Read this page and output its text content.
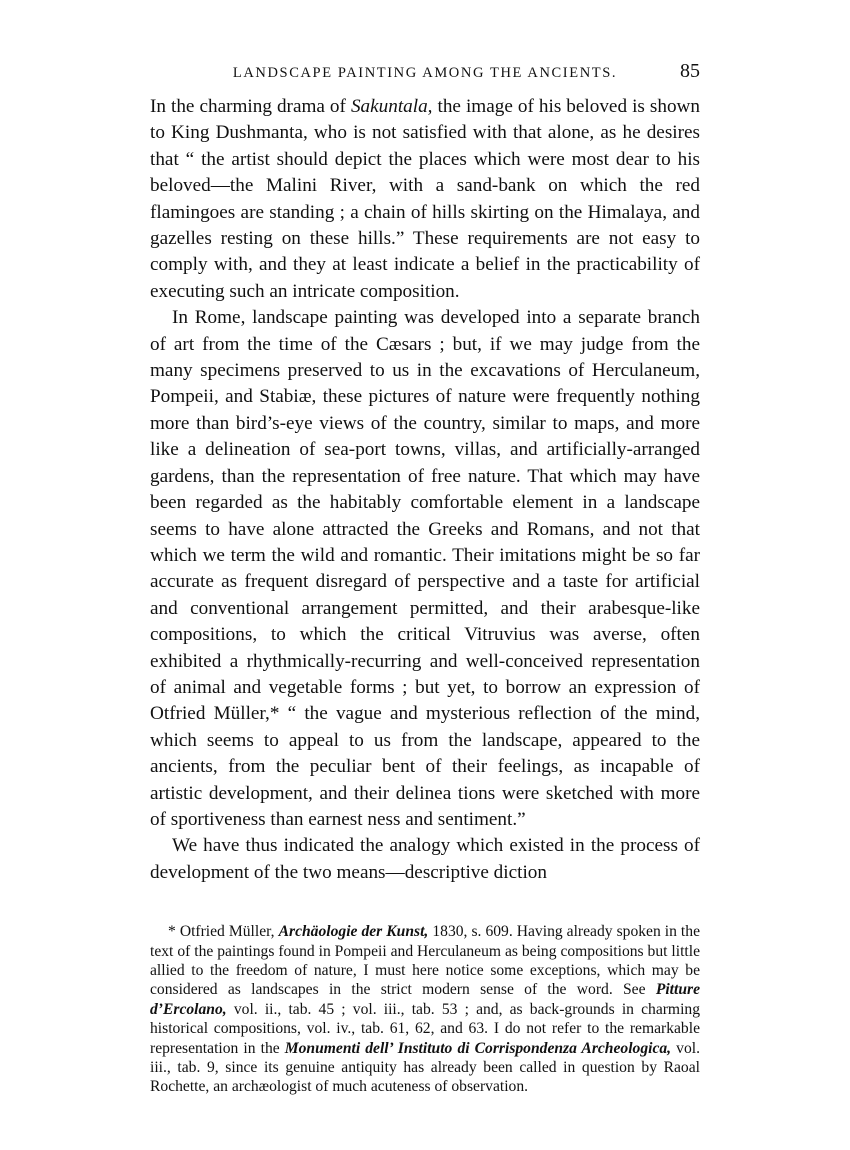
LANDSCAPE PAINTING AMONG THE ANCIENTS.	85

In the charming drama of Sakuntala, the image of his beloved is shown to King Dushmanta, who is not satisfied with that alone, as he desires that “ the artist should depict the places which were most dear to his beloved—the Malini River, with a sand-bank on which the red flamingoes are standing ; a chain of hills skirting on the Himalaya, and gazelles resting on these hills.” These requirements are not easy to comply with, and they at least indicate a belief in the practicability of executing such an intricate composition.

In Rome, landscape painting was developed into a separate branch of art from the time of the Cæsars ; but, if we may judge from the many specimens preserved to us in the excavations of Herculaneum, Pompeii, and Stabiæ, these pictures of nature were frequently nothing more than bird’s-eye views of the country, similar to maps, and more like a delineation of sea-port towns, villas, and artificially-arranged gardens, than the representation of free nature. That which may have been regarded as the habitably comfortable element in a landscape seems to have alone attracted the Greeks and Romans, and not that which we term the wild and romantic. Their imitations might be so far accurate as frequent disregard of perspective and a taste for artificial and conventional arrangement permitted, and their arabesque-like compositions, to which the critical Vitruvius was averse, often exhibited a rhythmically-recurring and well-conceived representation of animal and vegetable forms ; but yet, to borrow an expression of Otfried Müller,* “ the vague and mysterious reflection of the mind, which seems to appeal to us from the landscape, appeared to the ancients, from the peculiar bent of their feelings, as incapable of artistic development, and their delinea tions were sketched with more of sportiveness than earnest ness and sentiment.”

We have thus indicated the analogy which existed in the process of development of the two means—descriptive diction

* Otfried Müller, Archäologie der Kunst, 1830, s. 609. Having already spoken in the text of the paintings found in Pompeii and Herculaneum as being compositions but little allied to the freedom of nature, I must here notice some exceptions, which may be considered as landscapes in the strict modern sense of the word. See Pitture d’Ercolano, vol. ii., tab. 45 ; vol. iii., tab. 53 ; and, as back-grounds in charming historical compositions, vol. iv., tab. 61, 62, and 63. I do not refer to the remarkable representation in the Monumenti dell’ Instituto di Corrispondenza Archeologica, vol. iii., tab. 9, since its genuine antiquity has already been called in question by Raoal Rochette, an archæologist of much acuteness of observation.
